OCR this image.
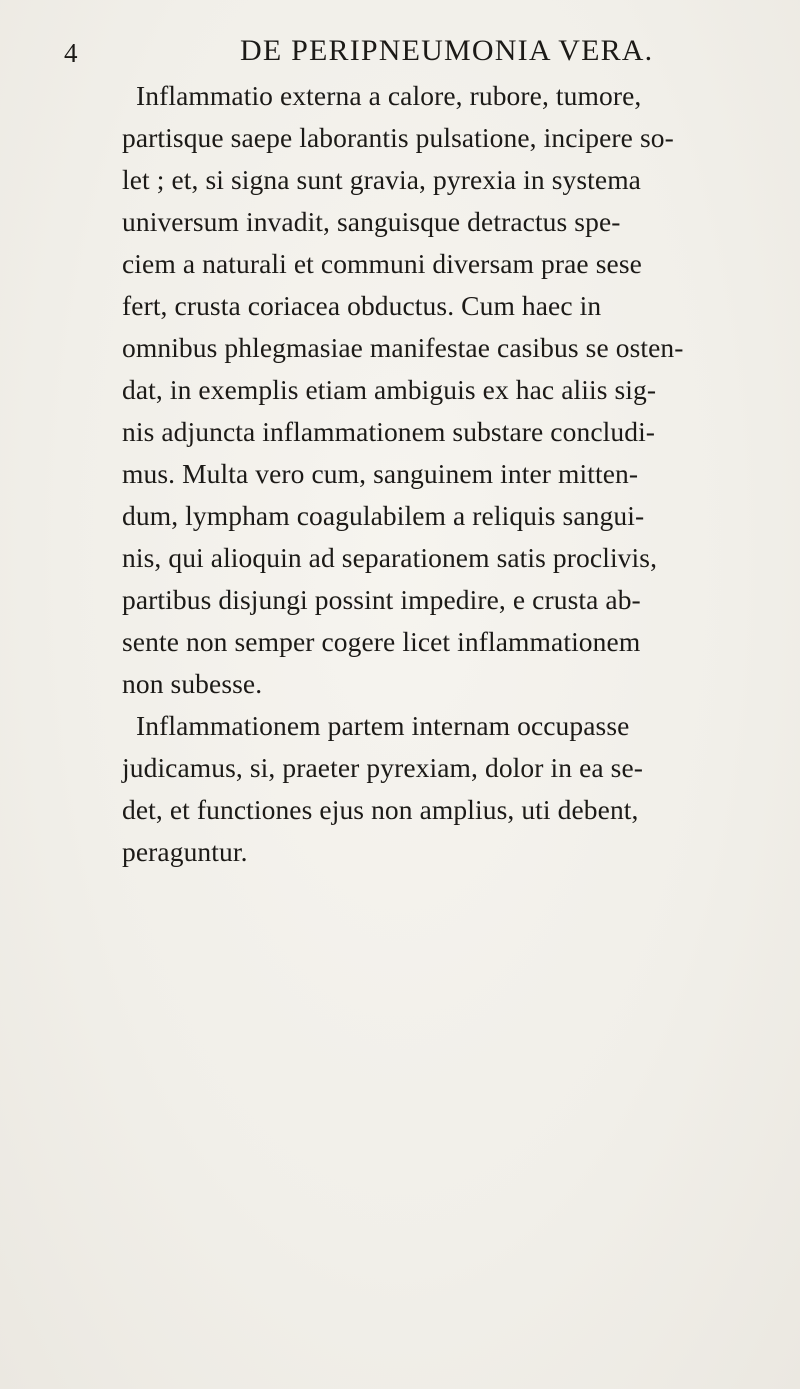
4	DE PERIPNEUMONIA VERA.
Inflammatio externa a calore, rubore, tumore,
partisque saepe laborantis pulsatione, incipere so-
let ; et, si signa sunt gravia, pyrexia in systema
universum invadit, sanguisque detractus spe-
ciem a naturali et communi diversam prae sese
fert, crusta coriacea obductus. Cum haec in
omnibus phlegmasiae manifestae casibus se osten-
dat, in exemplis etiam ambiguis ex hac aliis sig-
nis adjuncta inflammationem substare concludi-
mus. Multa vero cum, sanguinem inter mitten-
dum, lympham coagulabilem a reliquis sangui-
nis, qui alioquin ad separationem satis proclivis,
partibus disjungi possint impedire, e crusta ab-
sente non semper cogere licet inflammationem
non subesse.
Inflammationem partem internam occupasse
judicamus, si, praeter pyrexiam, dolor in ea se-
det, et functiones ejus non amplius, uti debent,
peraguntur.
